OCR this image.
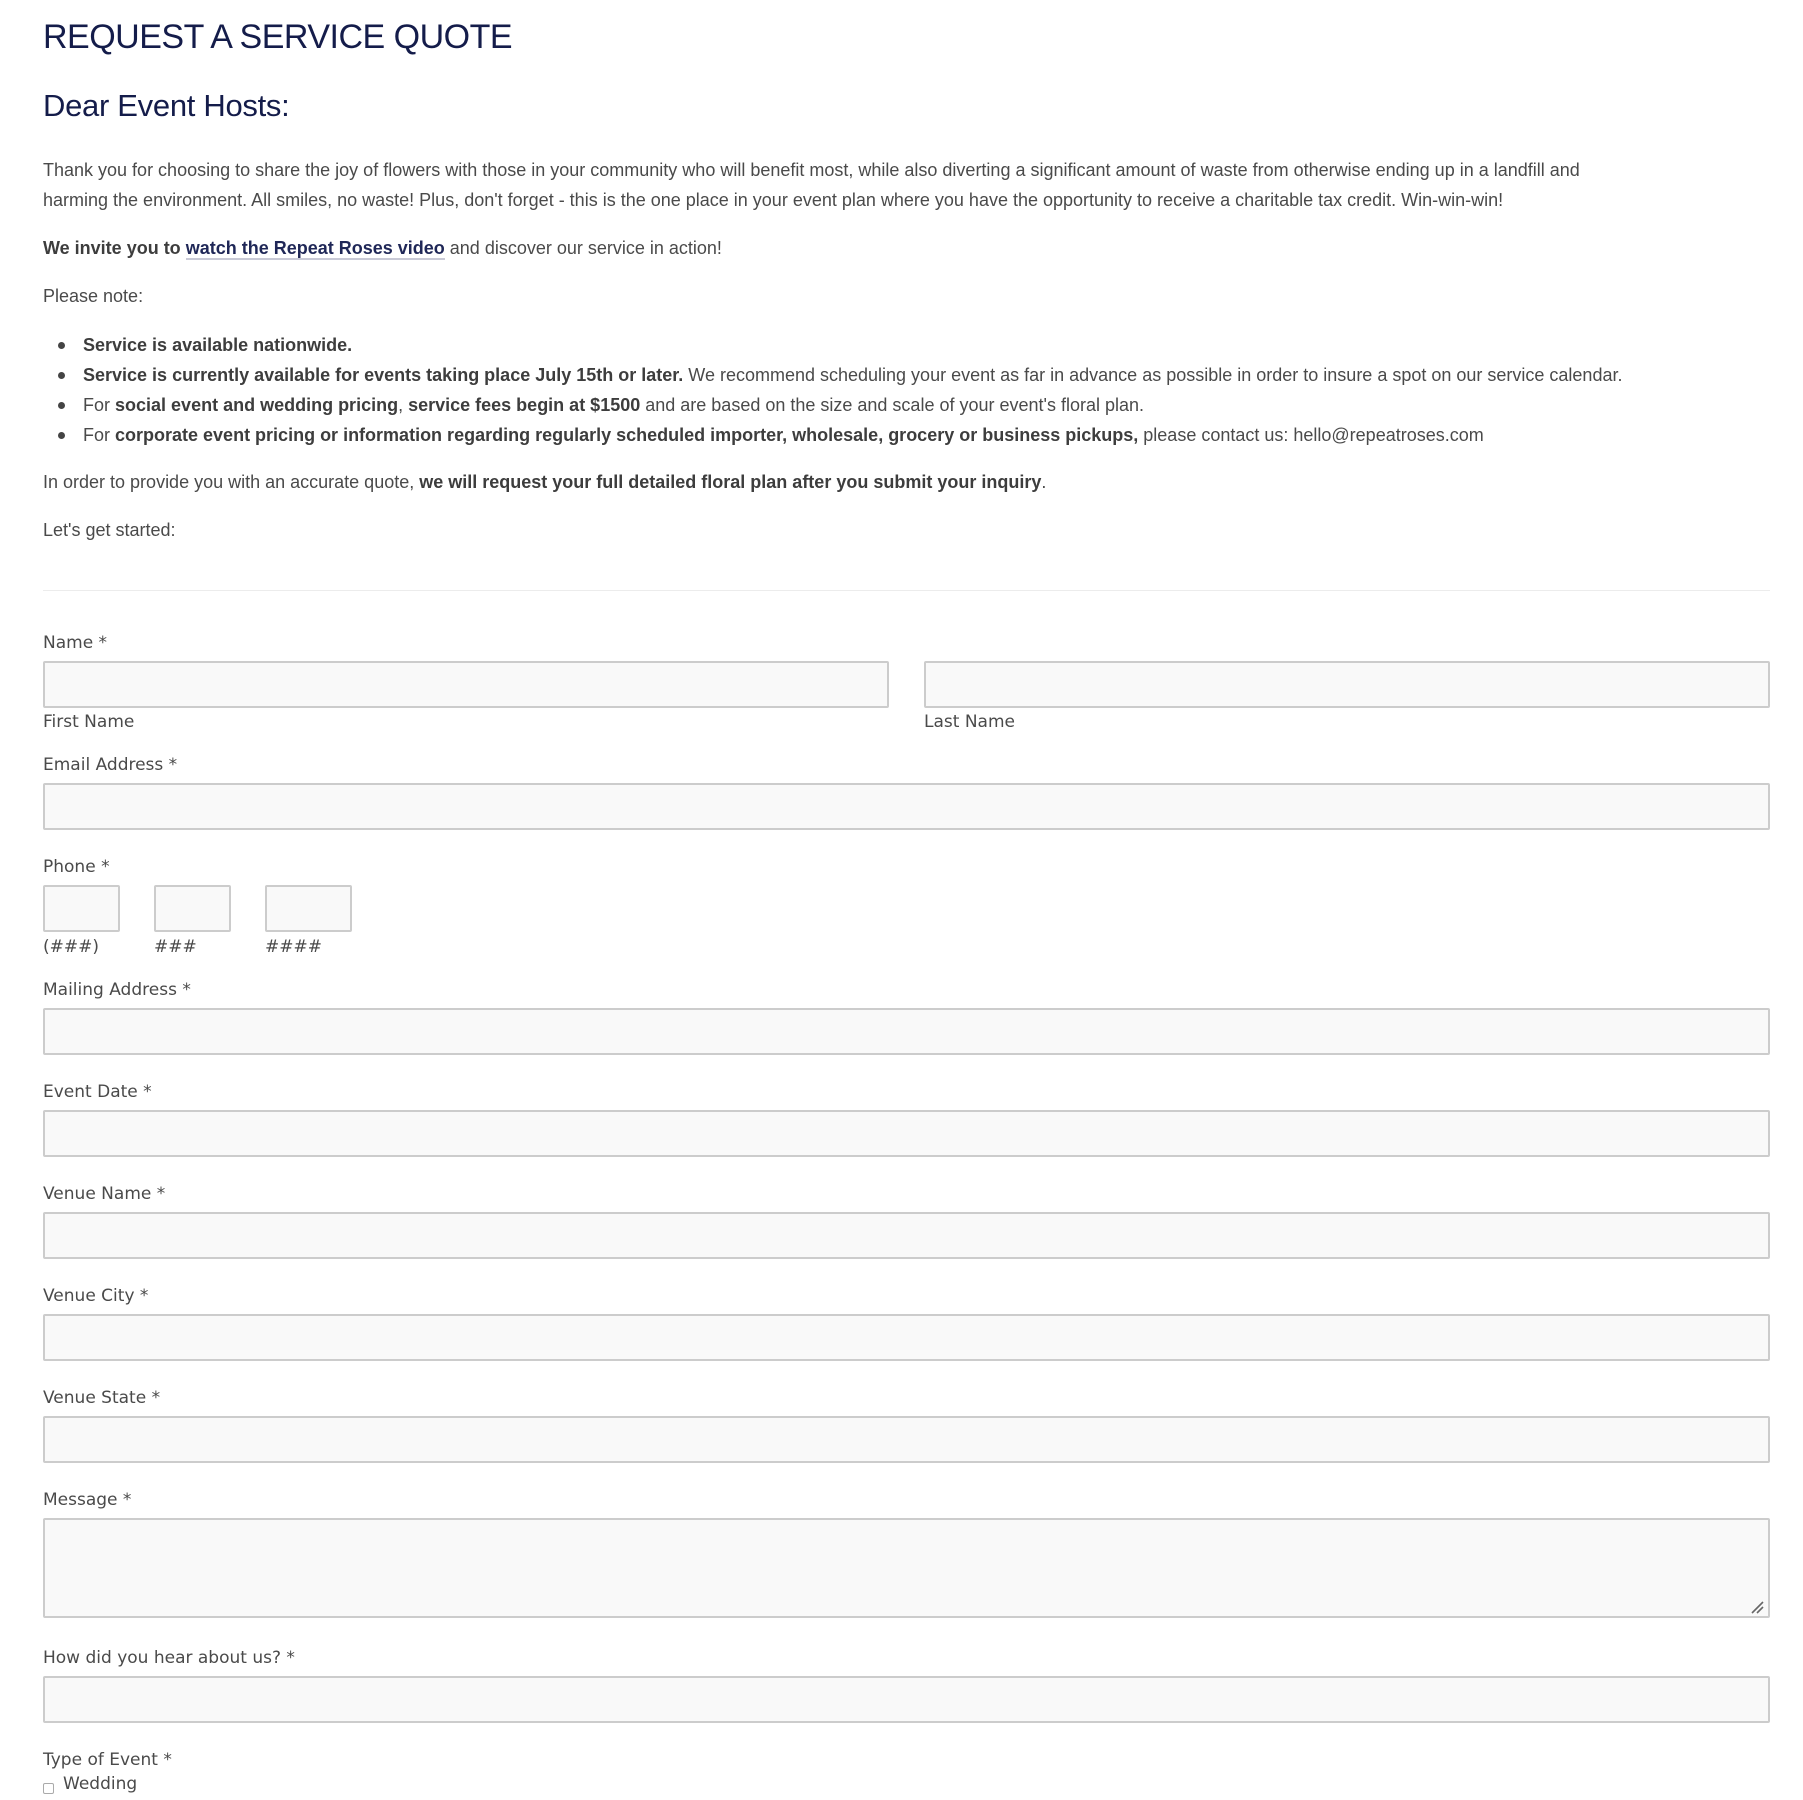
REQUEST A SERVICE QUOTE
Dear Event Hosts:
Thank you for choosing to share the joy of flowers with those in your community who will benefit most, while also diverting a significant amount of waste from otherwise ending up in a landfill and
harming the environment. All smiles, no waste! Plus, don't forget - this is the one place in your event plan where you have the opportunity to receive a charitable tax credit. Win-win-win!
We invite you to watch the Repeat Roses video and discover our service in action!
Please note:
Service is available nationwide.
Service is currently available for events taking place July 15th or later. We recommend scheduling your event as far in advance as possible in order to insure a spot on our service calendar.
For social event and wedding pricing, service fees begin at $1500 and are based on the size and scale of your event's floral plan.
For corporate event pricing or information regarding regularly scheduled importer, wholesale, grocery or business pickups, please contact us: hello@repeatroses.com
In order to provide you with an accurate quote, we will request your full detailed floral plan after you submit your inquiry.
Let's get started:
Name *
First Name	Last Name
Email Address *
Phone *
(###)	###	####
Mailing Address *
Event Date *
Venue Name *
Venue City *
Venue State *
Message *
How did you hear about us? *
Type of Event *
Wedding
